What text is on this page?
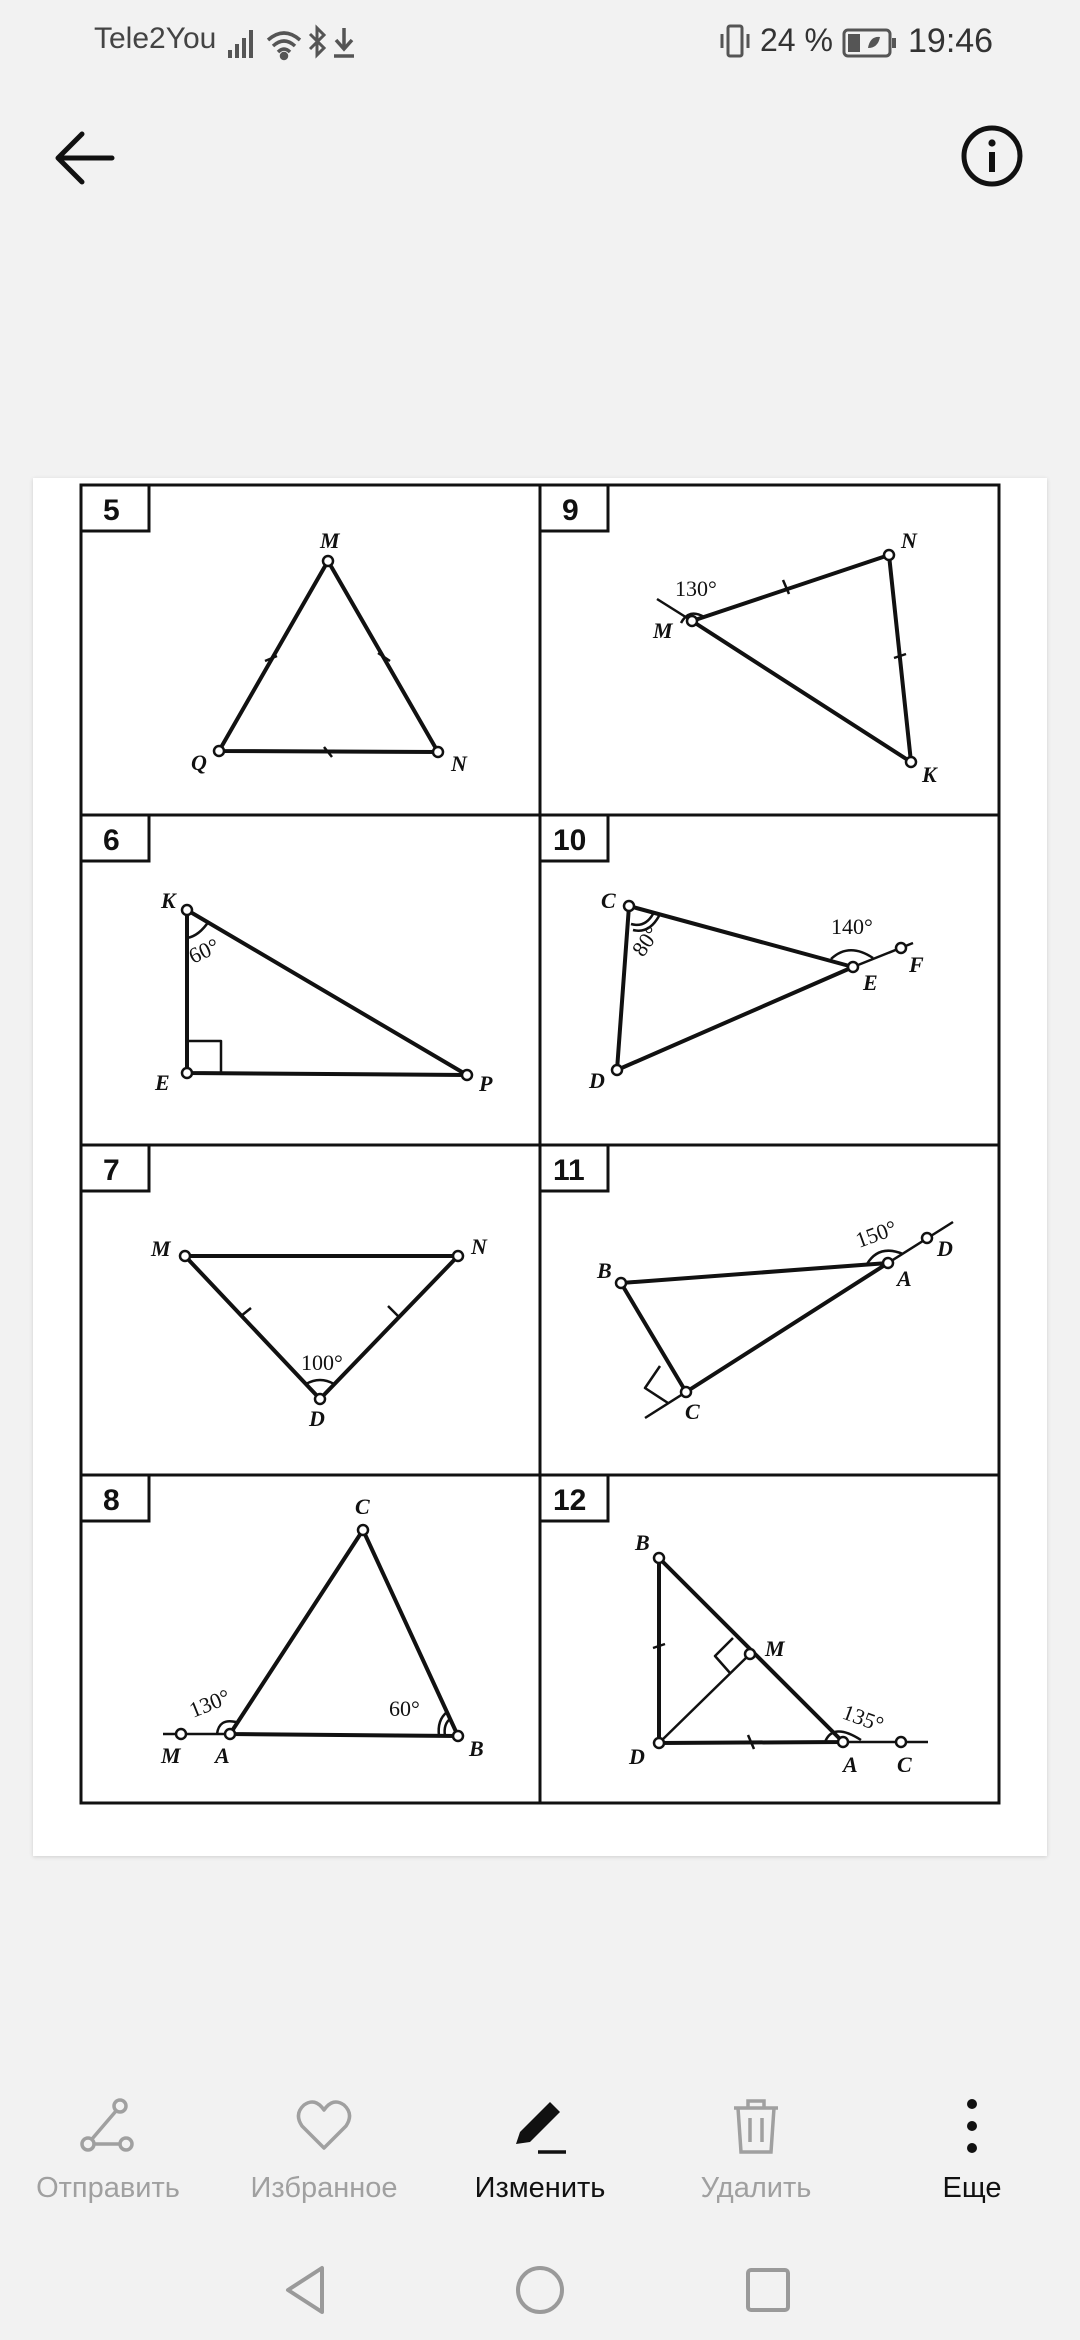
Tele2You	24 % 19:46
5	9
6	10
7	11
8	12
M
Q	N
N
M
K
K
E	P
C
E
F
D
M	N
D
B	A
D
C
C
M A	B
B
M
D	A C
130°
60°	80°	140°
100°
150°
130°	60°	135°
Отправить	Избранное	Изменить	Удалить	Еще
